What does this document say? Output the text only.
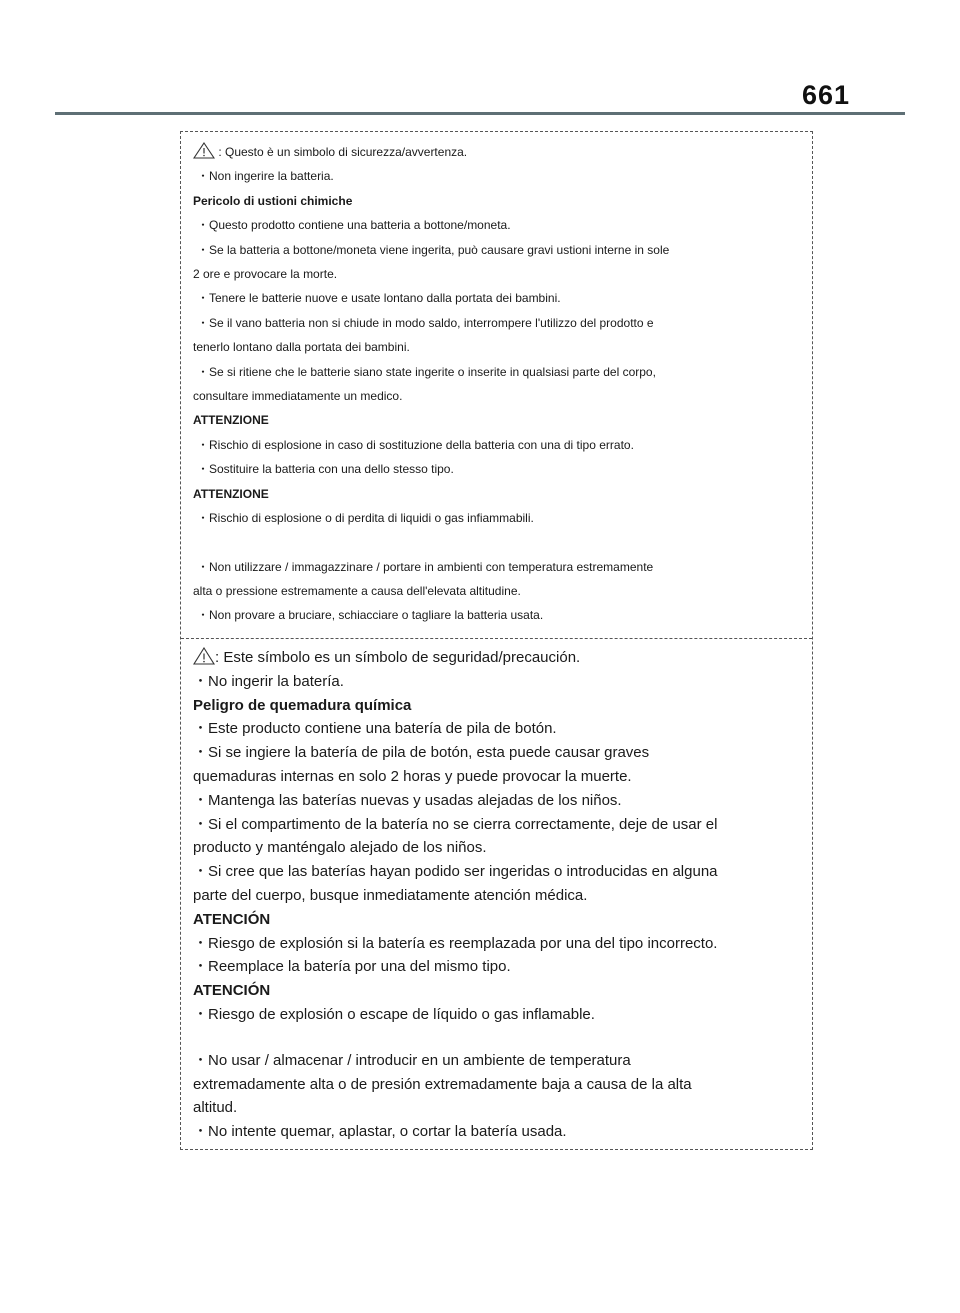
661
: Questo è un simbolo di sicurezza/avvertenza.
・Non ingerire la batteria.
Pericolo di ustioni chimiche
・Questo prodotto contiene una batteria a bottone/moneta.
・Se la batteria a bottone/moneta viene ingerita, può causare gravi ustioni interne in sole
2 ore e provocare la morte.
・Tenere le batterie nuove e usate lontano dalla portata dei bambini.
・Se il vano batteria non si chiude in modo saldo, interrompere l'utilizzo del prodotto e
tenerlo lontano dalla portata dei bambini.
・Se si ritiene che le batterie siano state ingerite o inserite in qualsiasi parte del corpo,
consultare immediatamente un medico.
ATTENZIONE
・Rischio di esplosione in caso di sostituzione della batteria con una di tipo errato.
・Sostituire la batteria con una dello stesso tipo.
ATTENZIONE
・Rischio di esplosione o di perdita di liquidi o gas infiammabili.
・Non utilizzare / immagazzinare / portare in ambienti con temperatura estremamente
alta o pressione estremamente a causa dell'elevata altitudine.
・Non provare a bruciare, schiacciare o tagliare la batteria usata.
: Este símbolo es un símbolo de seguridad/precaución.
・No ingerir la batería.
Peligro de quemadura química
・Este producto contiene una batería de pila de botón.
・Si se ingiere la batería de pila de botón, esta puede causar graves
quemaduras internas en solo 2 horas y puede provocar la muerte.
・Mantenga las baterías nuevas y usadas alejadas de los niños.
・Si el compartimento de la batería no se cierra correctamente, deje de usar el
producto y manténgalo alejado de los niños.
・Si cree que las baterías hayan podido ser ingeridas o introducidas en alguna
parte del cuerpo, busque inmediatamente atención médica.
ATENCIÓN
・Riesgo de explosión si la batería es reemplazada por una del tipo incorrecto.
・Reemplace la batería por una del mismo tipo.
ATENCIÓN
・Riesgo de explosión o escape de líquido o gas inflamable.
・No usar / almacenar / introducir en un ambiente de temperatura
extremadamente alta o de presión extremadamente baja a causa de la alta
altitud.
・No intente quemar, aplastar, o cortar la batería usada.
